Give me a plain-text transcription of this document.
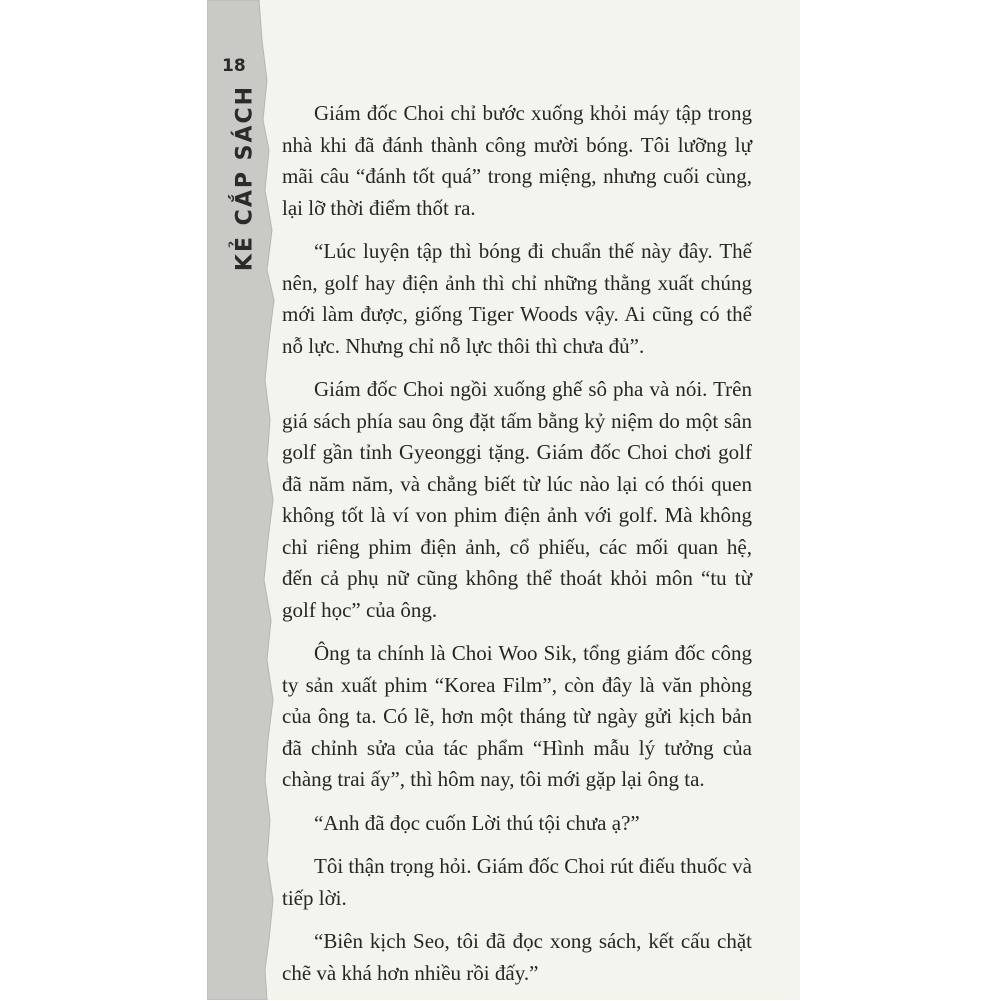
18
KẺ CẮP SÁCH	Giám đốc Choi chỉ bước xuống khỏi máy tập trong nhà khi đã đánh thành công mười bóng. Tôi lưỡng lự mãi câu “đánh tốt quá” trong miệng, nhưng cuối cùng, lại lỡ thời điểm thốt ra.

“Lúc luyện tập thì bóng đi chuẩn thế này đây. Thế nên, golf hay điện ảnh thì chỉ những thằng xuất chúng mới làm được, giống Tiger Woods vậy. Ai cũng có thể nỗ lực. Nhưng chỉ nỗ lực thôi thì chưa đủ”.

Giám đốc Choi ngồi xuống ghế sô pha và nói. Trên giá sách phía sau ông đặt tấm bằng kỷ niệm do một sân golf gần tỉnh Gyeonggi tặng. Giám đốc Choi chơi golf đã năm năm, và chẳng biết từ lúc nào lại có thói quen không tốt là ví von phim điện ảnh với golf. Mà không chỉ riêng phim điện ảnh, cổ phiếu, các mối quan hệ, đến cả phụ nữ cũng không thể thoát khỏi môn “tu từ golf học” của ông.

Ông ta chính là Choi Woo Sik, tổng giám đốc công ty sản xuất phim “Korea Film”, còn đây là văn phòng của ông ta. Có lẽ, hơn một tháng từ ngày gửi kịch bản đã chỉnh sửa của tác phẩm “Hình mẫu lý tưởng của chàng trai ấy”, thì hôm nay, tôi mới gặp lại ông ta.

“Anh đã đọc cuốn Lời thú tội chưa ạ?”

Tôi thận trọng hỏi. Giám đốc Choi rút điếu thuốc và tiếp lời.

“Biên kịch Seo, tôi đã đọc xong sách, kết cấu chặt chẽ và khá hơn nhiều rồi đấy.”
